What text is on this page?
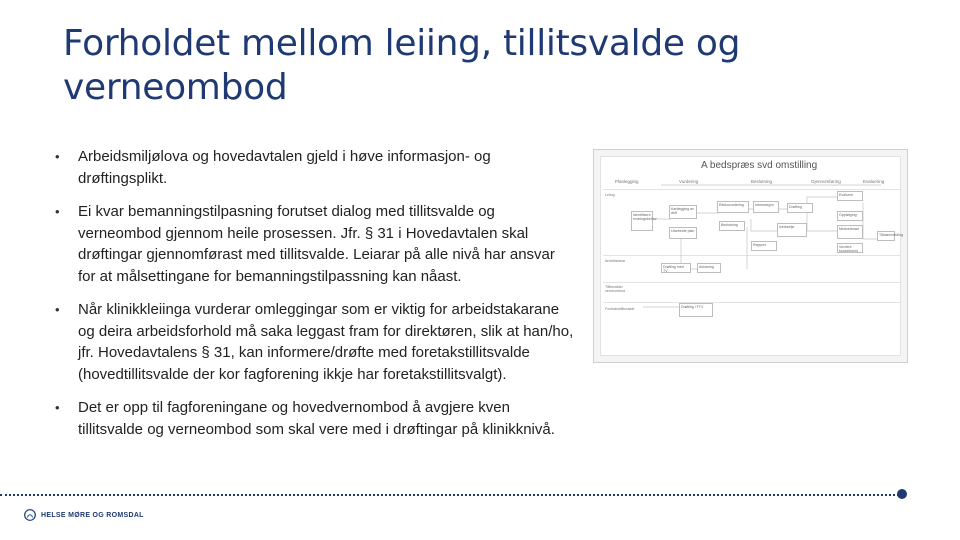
Forholdet mellom leiing, tillitsvalde og verneombod
• Arbeidsmiljølova og hovedavtalen gjeld i høve informasjon- og drøftingsplikt.
• Ei kvar bemanningstilpasning forutset dialog med tillitsvalde og verneombod gjennom heile prosessen. Jfr. § 31 i Hovedavtalen skal drøftingar gjennomførast med tillitsvalde. Leiarar på alle nivå har ansvar for at målsettingane for bemanningstilpassning kan nåast.
• Når klinikkleiinga vurderar omleggingar som er viktig for arbeidstakarane og deira arbeidsforhold må saka leggast fram for direktøren, slik at han/ho, jfr. Hovedavtalens § 31, kan informere/drøfte med foretakstillitsvalde (hovedtillitsvalde der kor fagforening ikkje har foretakstillitsvalgt).
• Det er opp til fagforeningane og hovedvernombod å avgjere kven tillitsvalde og verneombod som skal vere med i drøftingar på klinikknivå.
A bedspræs svd omstilling
Planlegging	Vurdering	Beslutning	Gjennomføring	Evaluering
Leiing
Arbeidstakar
Tillitsvalde/ verneombod
Foretakstillitsvalde
Identifisere endringsbehov
Kartlegging av drift
Utarbeide plan
Risikovurdering	Informasjon	Drøfting
Beslutning	Iverksetje
Evaluere
Oppfølging
Medverknad
Vurdere konsekvens
Tilbakemelding
Avklaring
Drøfting med TV
Drøfting i FTV
Rapport
HELSE MØRE OG ROMSDAL
